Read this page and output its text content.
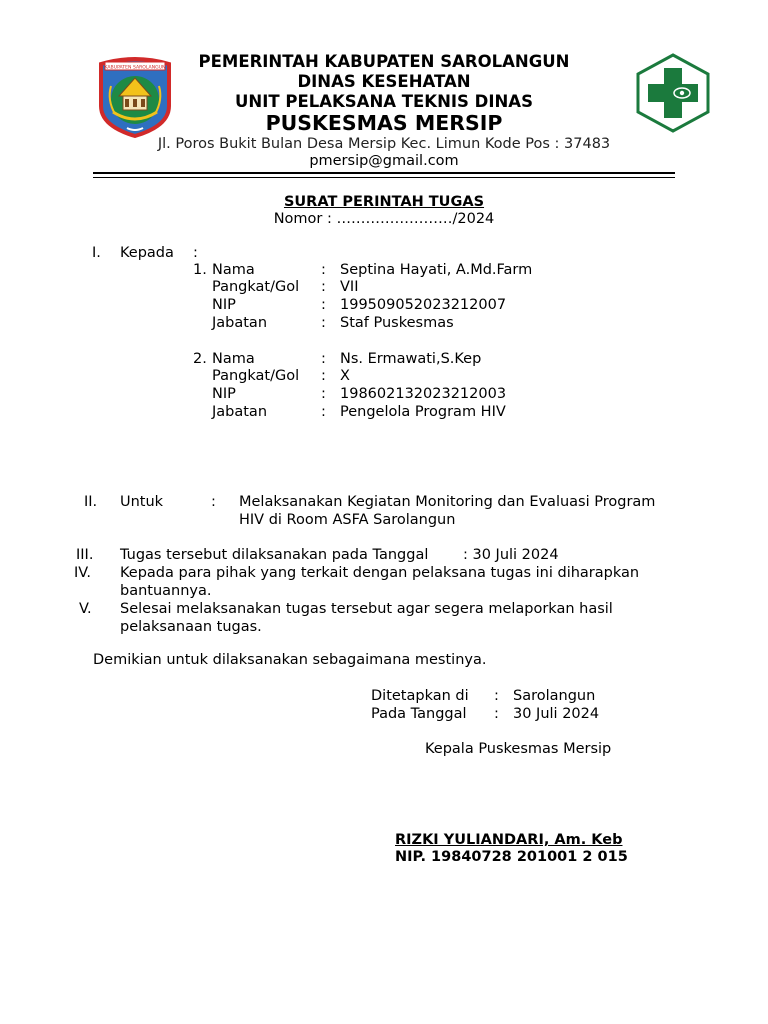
KABUPATEN SAROLANGUN	PEMERINTAH KABUPATEN SAROLANGUN
DINAS KESEHATAN
UNIT PELAKSANA TEKNIS DINAS
PUSKESMAS MERSIP
Jl. Poros Bukit Bulan Desa Mersip Kec. Limun Kode Pos : 37483
pmersip@gmail.com
SURAT PERINTAH TUGAS
Nomor : ……………………/2024
I. Kepada :
1. Nama	: Septina Hayati, A.Md.Farm
Pangkat/Gol : VII
NIP	: 199509052023212007
Jabatan	: Staf Puskesmas
2. Nama	: Ns. Ermawati,S.Kep
Pangkat/Gol : X
NIP	: 198602132023212003
Jabatan	: Pengelola Program HIV
II. Untuk	: Melaksanakan Kegiatan Monitoring dan Evaluasi Program
HIV di Room ASFA Sarolangun
III. Tugas tersebut dilaksanakan pada Tanggal : 30 Juli 2024
IV. Kepada para pihak yang terkait dengan pelaksana tugas ini diharapkan
bantuannya.
V. Selesai melaksanakan tugas tersebut agar segera melaporkan hasil
pelaksanaan tugas.
Demikian untuk dilaksanakan sebagaimana mestinya.
Ditetapkan di : Sarolangun
Pada Tanggal : 30 Juli 2024
Kepala Puskesmas Mersip
RIZKI YULIANDARI, Am. Keb
NIP. 19840728 201001 2 015
